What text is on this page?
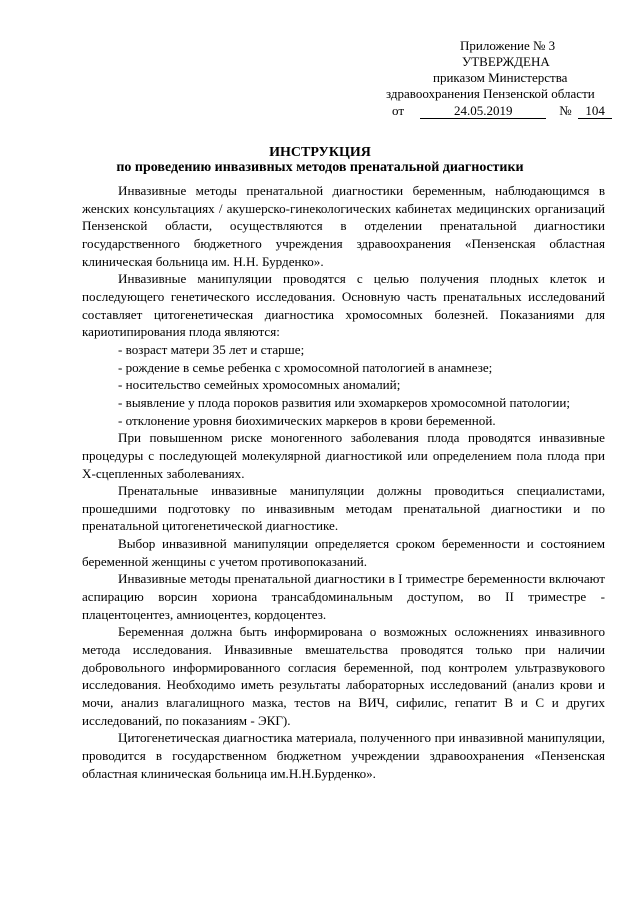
Приложение № 3
УТВЕРЖДЕНА
приказом Министерства
здравоохранения Пензенской области
от	24.05.2019	№ 104
ИНСТРУКЦИЯ
по проведению инвазивных методов пренатальной диагностики

Инвазивные методы пренатальной диагностики беременным, наблюдающимся в женских консультациях / акушерско-гинекологических кабинетах медицинских организаций Пензенской области, осуществляются в отделении пренатальной диагностики государственного бюджетного учреждения здравоохранения «Пензенская областная клиническая больница им. Н.Н. Бурденко».

Инвазивные манипуляции проводятся с целью получения плодных клеток и последующего генетического исследования. Основную часть пренатальных исследований составляет цитогенетическая диагностика хромосомных болезней. Показаниями для кариотипирования плода являются:

- возраст матери 35 лет и старше;

- рождение в семье ребенка с хромосомной патологией в анамнезе;

- носительство семейных хромосомных аномалий;

- выявление у плода пороков развития или эхомаркеров хромосомной патологии;

- отклонение уровня биохимических маркеров в крови беременной.

При повышенном риске моногенного заболевания плода проводятся инвазивные процедуры с последующей молекулярной диагностикой или определением пола плода при Х-сцепленных заболеваниях.

Пренатальные инвазивные манипуляции должны проводиться специалистами, прошедшими подготовку по инвазивным методам пренатальной диагностики и по пренатальной цитогенетической диагностике.

Выбор инвазивной манипуляции определяется сроком беременности и состоянием беременной женщины с учетом противопоказаний.

Инвазивные методы пренатальной диагностики в I триместре беременности включают аспирацию ворсин хориона трансабдоминальным доступом, во II триместре - плацентоцентез, амниоцентез, кордоцентез.

Беременная должна быть информирована о возможных осложнениях инвазивного метода исследования. Инвазивные вмешательства проводятся только при наличии добровольного информированного согласия беременной, под контролем ультразвукового исследования. Необходимо иметь результаты лабораторных исследований (анализ крови и мочи, анализ влагалищного мазка, тестов на ВИЧ, сифилис, гепатит В и С и других исследований, по показаниям - ЭКГ).

Цитогенетическая диагностика материала, полученного при инвазивной манипуляции, проводится в государственном бюджетном учреждении здравоохранения «Пензенская областная клиническая больница им.Н.Н.Бурденко».
